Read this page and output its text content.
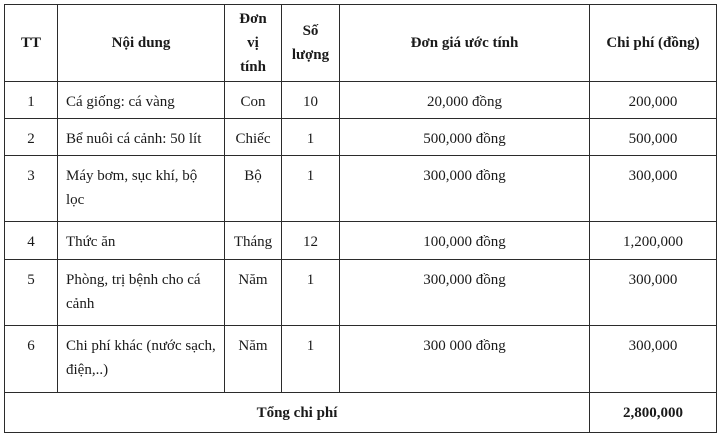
TT	Nội dung	Đơn vị tính	Số lượng	Đơn giá ước tính	Chi phí (đồng)
1	Cá giống: cá vàng	Con	10	20,000 đồng	200,000
2	Bể nuôi cá cảnh: 50 lít	Chiếc	1	500,000 đồng	500,000
3	Máy bơm, sục khí, bộ lọc	Bộ	1	300,000 đồng	300,000
4	Thức ăn	Tháng	12	100,000 đồng	1,200,000
5	Phòng, trị bệnh cho cá cảnh	Năm	1	300,000 đồng	300,000
6	Chi phí khác (nước sạch, điện,..)	Năm	1	300 000 đồng	300,000
Tổng chi phí					2,800,000
